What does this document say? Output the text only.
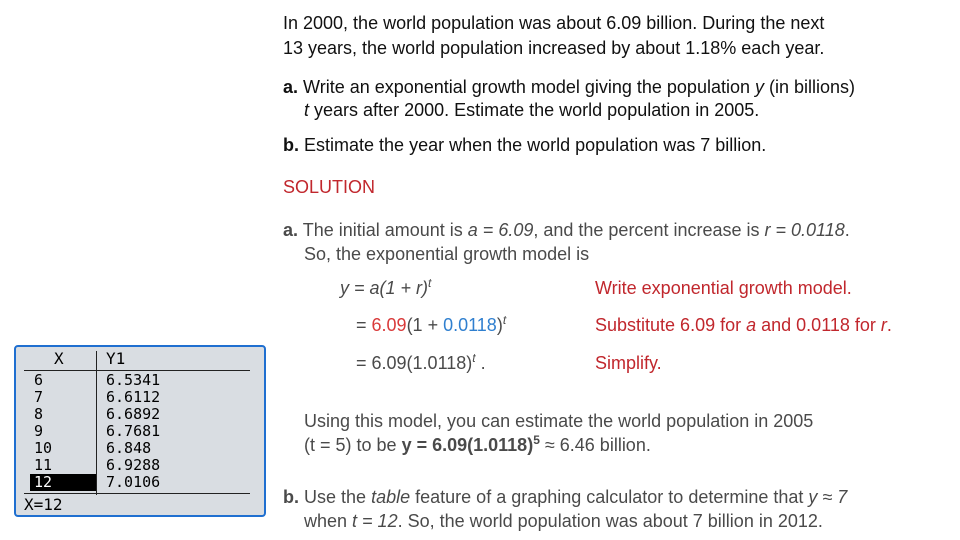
In 2000, the world population was about 6.09 billion. During the next
13 years, the world population increased by about 1.18% each year.
a. Write an exponential growth model giving the population y (in billions)
t years after 2000. Estimate the world population in 2005.
b. Estimate the year when the world population was 7 billion.
SOLUTION
a. The initial amount is a = 6.09, and the percent increase is r = 0.0118.
So, the exponential growth model is
$y = a(1 + r)^t$
= $6.09(1 + 0.0118)^t$
= $6.09(1.0118)^t$ .
Write exponential growth model.
Substitute 6.09 for a and 0.0118 for r.
Simplify.
Using this model, you can estimate the world population in 2005
(t = 5) to be $y = 6.09(1.0118)^5 \approx 6.46$ billion.
b. Use the table feature of a graphing calculator to determine that y ≈ 7
when t = 12. So, the world population was about 7 billion in 2012.
X	Y1
6	6.5341
7	6.6112
8	6.6892
9	6.7681
10	6.848
11	6.9288
12	7.0106
X=12
